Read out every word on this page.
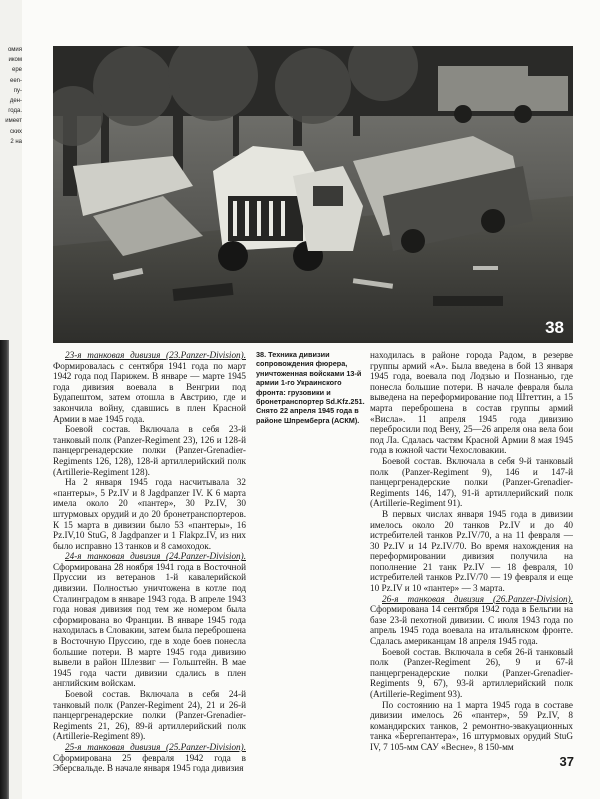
омия
иком
ере
ееn-
пу-
ден-
года.
имеет
ских
2 на
38

23-я танковая дивизия (23.Panzer-Division). Формировалась с сентября 1941 года по март 1942 года под Парижем. В январе — марте 1945 года дивизия воевала в Венгрии под Будапештом, затем отошла в Австрию, где и закончила войну, сдавшись в плен Красной Армии в мае 1945 года.

Боевой состав. Включала в себя 23-й танковый полк (Panzer-Regiment 23), 126 и 128-й панцергренадерские полки (Panzer-Grenadier-Regiments 126, 128), 128-й артиллерийский полк (Artillerie-Regiment 128).

На 2 января 1945 года насчитывала 32 «пантеры», 5 Pz.IV и 8 Jagdpanzer IV. К 6 марта имела около 20 «пантер», 30 Pz.IV, 30 штурмовых орудий и до 20 бронетранспортеров. К 15 марта в дивизии было 53 «пантеры», 16 Pz.IV,10 StuG, 8 Jagdpanzer и 1 Flakpz.IV, из них было исправно 13 танков и 8 самоходок.

24-я танковая дивизия (24.Panzer-Division). Сформирована 28 ноября 1941 года в Восточной Пруссии из ветеранов 1-й кавалерийской дивизии. Полностью уничтожена в котле под Сталинградом в январе 1943 года. В апреле 1943 года новая дивизия под тем же номером была сформирована во Франции. В январе 1945 года находилась в Словакии, затем была переброшена в Восточную Пруссию, где в ходе боев понесла большие потери. В марте 1945 года дивизию вывели в район Шлезвиг — Гольштейн. В мае 1945 года части дивизии сдались в плен английским войскам.

Боевой состав. Включала в себя 24-й танковый полк (Panzer-Regiment 24), 21 и 26-й панцергренадерские полки (Panzer-Grenadier-Regiments 21, 26), 89-й артиллерийский полк (Artillerie-Regiment 89).

25-я танковая дивизия (25.Panzer-Division). Сформирована 25 февраля 1942 года в Эберсвальде. В начале января 1945 года дивизия

38. Техника дивизии сопровождения фюрера, уничтоженная войсками 13-й армии 1-го Украинского фронта: грузовики и бронетранспортер Sd.Kfz.251. Снято 22 апреля 1945 года в районе Шпремберга (АСКМ).

находилась в районе города Радом, в резерве группы армий «А». Была введена в бой 13 января 1945 года, воевала под Лодзью и Познанью, где понесла большие потери. В начале февраля была выведена на переформирование под Штеттин, а 15 марта переброшена в состав группы армий «Висла». 11 апреля 1945 года дивизию перебросили под Вену, 25—26 апреля она вела бои под Ла. Сдалась частям Красной Армии 8 мая 1945 года в южной части Чехословакии.

Боевой состав. Включала в себя 9-й танковый полк (Panzer-Regiment 9), 146 и 147-й панцергренадерские полки (Panzer-Grenadier-Regiments 146, 147), 91-й артиллерийский полк (Artillerie-Regiment 91).

В первых числах января 1945 года в дивизии имелось около 20 танков Pz.IV и до 40 истребителей танков Pz.IV/70, а на 11 февраля — 30 Pz.IV и 14 Pz.IV/70. Во время нахождения на переформировании дивизия получила на пополнение 21 танк Pz.IV — 18 февраля, 10 истребителей танков Pz.IV/70 — 19 февраля и еще 10 Pz.IV и 10 «пантер» — 3 марта.

26-я танковая дивизия (26.Panzer-Division). Сформирована 14 сентября 1942 года в Бельгии на базе 23-й пехотной дивизии. С июля 1943 года по апрель 1945 года воевала на итальянском фронте. Сдалась американцам 18 апреля 1945 года.

Боевой состав. Включала в себя 26-й танковый полк (Panzer-Regiment 26), 9 и 67-й панцергренадерские полки (Panzer-Grenadier-Regiments 9, 67), 93-й артиллерийский полк (Artillerie-Regiment 93).

По состоянию на 1 марта 1945 года в составе дивизии имелось 26 «пантер», 59 Pz.IV, 8 командирских танков, 2 ремонтно-эвакуационных танка «Бергепантера», 16 штурмовых орудий StuG IV, 7 105-мм САУ «Весне», 8 150-мм

37
